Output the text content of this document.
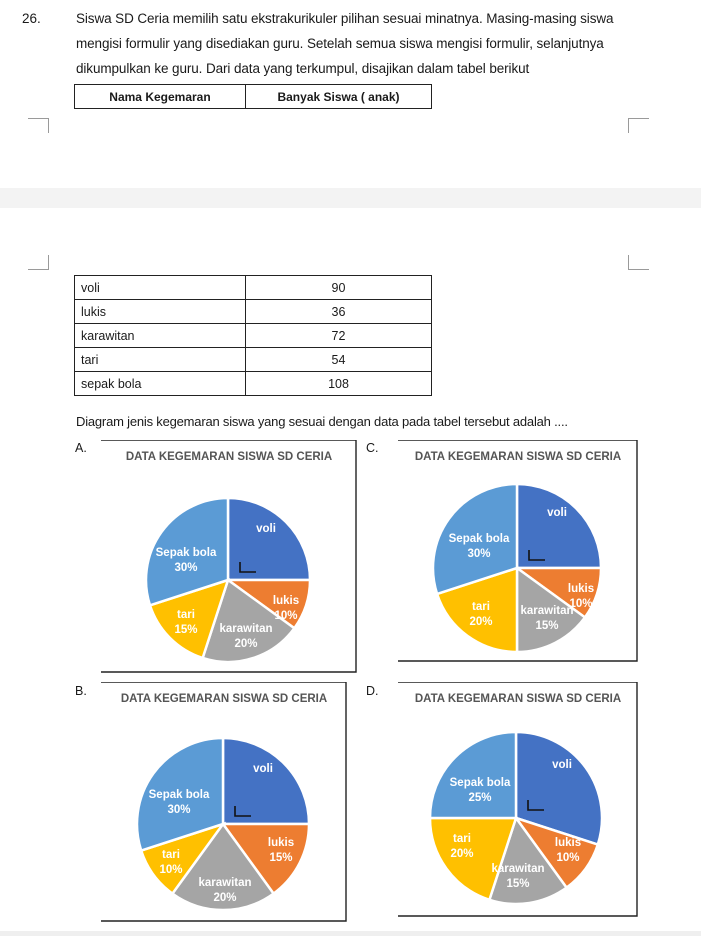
26.	Siswa SD Ceria memilih satu ekstrakurikuler pilihan sesuai minatnya. Masing-masing siswa
mengisi formulir yang disediakan guru. Setelah semua siswa mengisi formulir, selanjutnya
dikumpulkan ke guru. Dari data yang terkumpul, disajikan dalam tabel berikut
Nama Kegemaran	Banyak Siswa ( anak)
voli	90
lukis	36
karawitan	72
tari	54
sepak bola	108
Diagram jenis kegemaran siswa yang sesuai dengan data pada tabel tersebut adalah ....
A.
B.
C.
D.
DATA KEGEMARAN SISWA SD CERIA
voli
lukis 10%
karawitan 20%
tari 15%
Sepak bola 30%
DATA KEGEMARAN SISWA SD CERIA
voli
lukis 15%
karawitan 20%
tari 10%
Sepak bola 30%
DATA KEGEMARAN SISWA SD CERIA
voli
lukis 10%
karawitan 15%
tari 20%
Sepak bola 30%
DATA KEGEMARAN SISWA SD CERIA
voli
lukis 10%
karawitan 15%
tari 20%
Sepak bola 25%
